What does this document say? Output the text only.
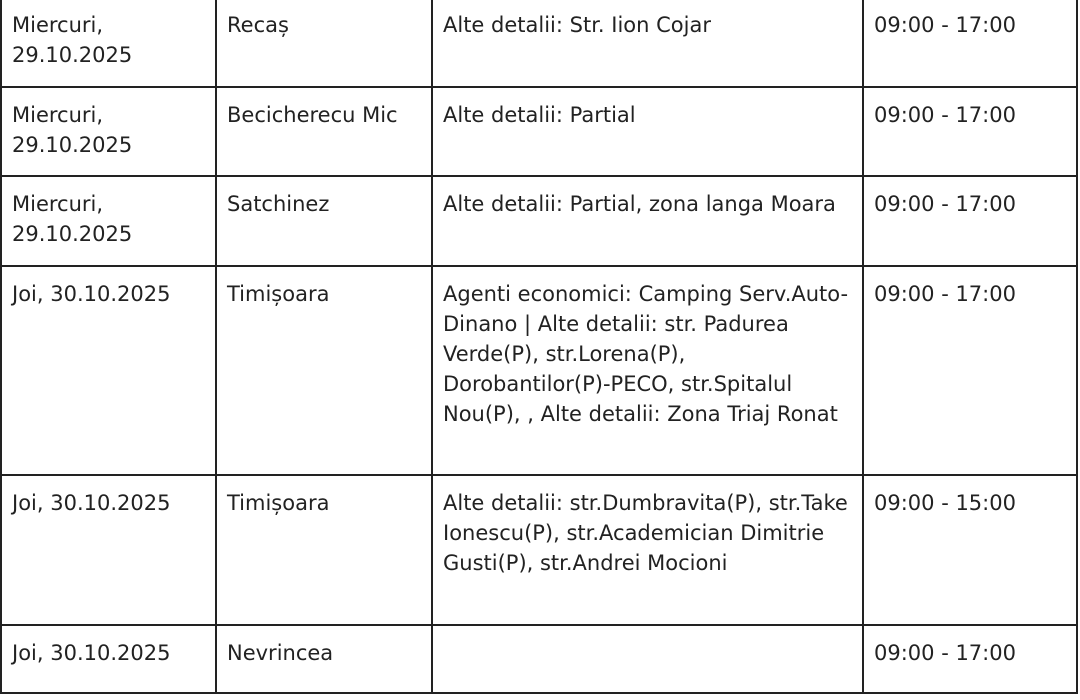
Miercuri, 29.10.2025	Recaș	Alte detalii: Str. Iion Cojar	09:00 - 17:00
Miercuri, 29.10.2025	Becicherecu Mic	Alte detalii: Partial	09:00 - 17:00
Miercuri, 29.10.2025	Satchinez	Alte detalii: Partial, zona langa Moara	09:00 - 17:00
Joi, 30.10.2025	Timișoara	Agenti economici: Camping Serv.Auto-Dinano | Alte detalii: str. Padurea Verde(P), str.Lorena(P), Dorobantilor(P)-PECO, str.Spitalul Nou(P), , Alte detalii: Zona Triaj Ronat	09:00 - 17:00
Joi, 30.10.2025	Timișoara	Alte detalii: str.Dumbravita(P), str.Take Ionescu(P), str.Academician Dimitrie Gusti(P), str.Andrei Mocioni	09:00 - 15:00
Joi, 30.10.2025	Nevrincea		09:00 - 17:00
